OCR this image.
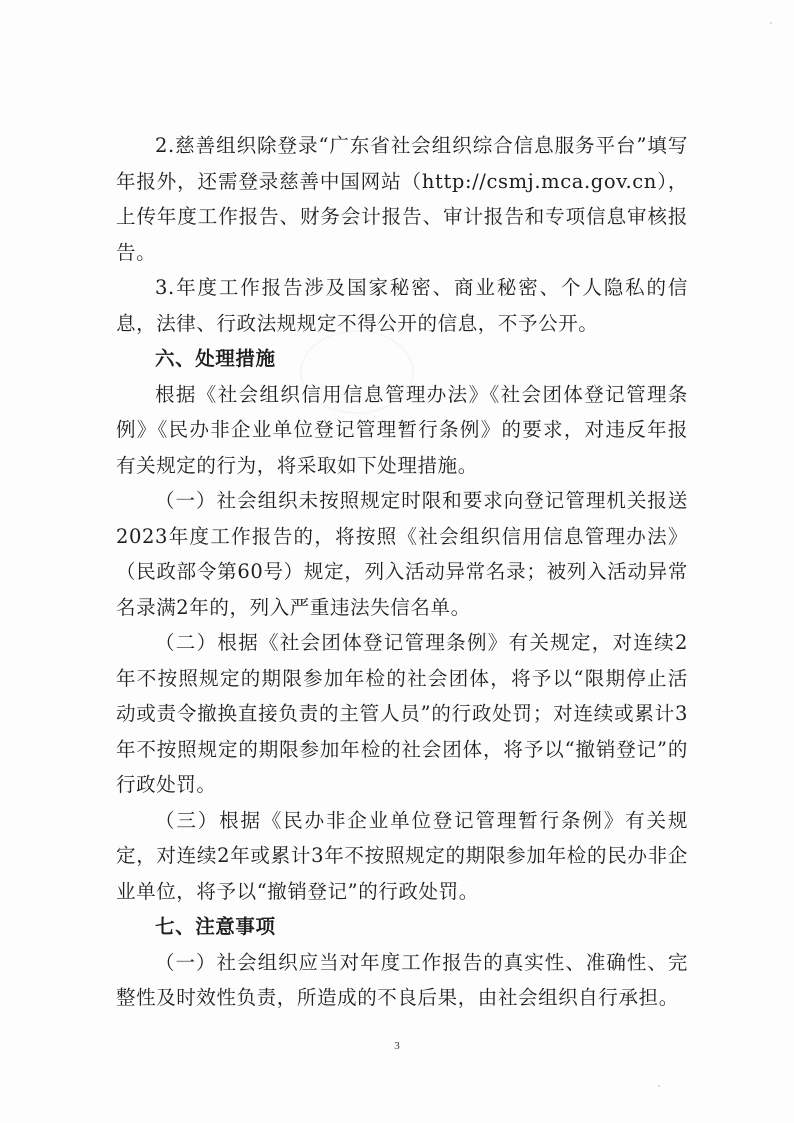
2.慈善组织除登录“广东省社会组织综合信息服务平台”填写年报外，还需登录慈善中国网站（http://csmj.mca.gov.cn），上传年度工作报告、财务会计报告、审计报告和专项信息审核报告。

3.年度工作报告涉及国家秘密、商业秘密、个人隐私的信息，法律、行政法规规定不得公开的信息，不予公开。

六、处理措施

根据《社会组织信用信息管理办法》《社会团体登记管理条例》《民办非企业单位登记管理暂行条例》的要求，对违反年报有关规定的行为，将采取如下处理措施。

（一）社会组织未按照规定时限和要求向登记管理机关报送2023年度工作报告的，将按照《社会组织信用信息管理办法》（民政部令第60号）规定，列入活动异常名录；被列入活动异常名录满2年的，列入严重违法失信名单。

（二）根据《社会团体登记管理条例》有关规定，对连续2年不按照规定的期限参加年检的社会团体，将予以“限期停止活动或责令撤换直接负责的主管人员”的行政处罚；对连续或累计3年不按照规定的期限参加年检的社会团体，将予以“撤销登记”的行政处罚。

（三）根据《民办非企业单位登记管理暂行条例》有关规定，对连续2年或累计3年不按照规定的期限参加年检的民办非企业单位，将予以“撤销登记”的行政处罚。

七、注意事项

（一）社会组织应当对年度工作报告的真实性、准确性、完整性及时效性负责，所造成的不良后果，由社会组织自行承担。

3
